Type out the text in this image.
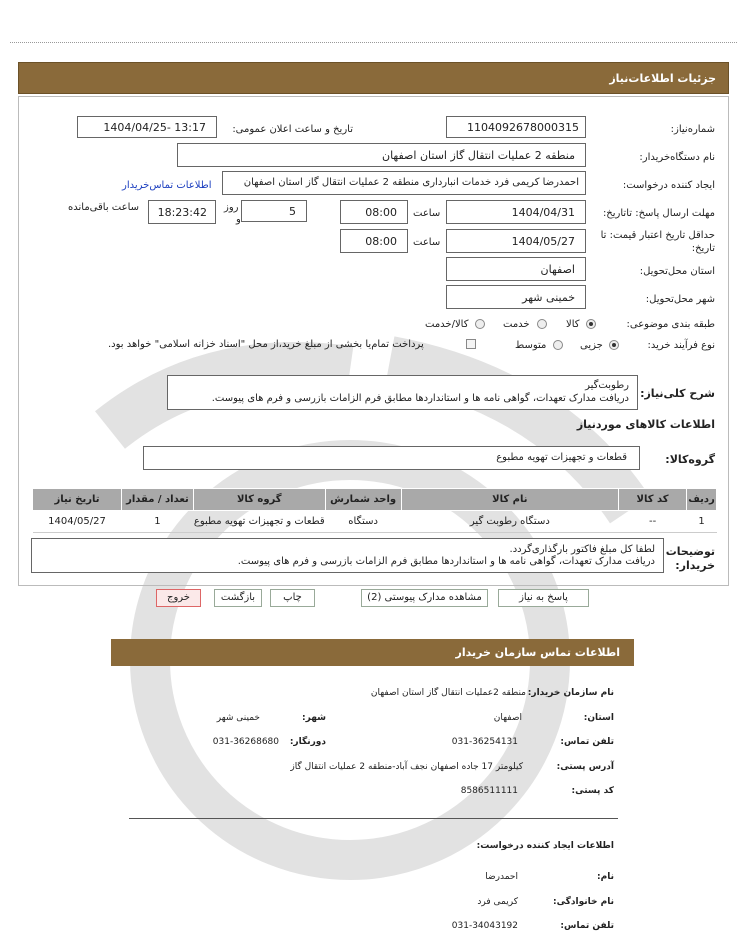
جزئیات اطلاعات‌نیاز
شماره‌نیاز:
1104092678000315
تاریخ و ساعت اعلان عمومی:
1404/04/25- 13:17
نام دستگاه‌خریدار:
منطقه 2 عملیات انتقال گاز استان اصفهان
ایجاد کننده درخواست:
احمدرضا کریمی فرد خدمات انبارداری منطقه 2 عملیات انتقال گاز استان اصفهان
اطلاعات تماس‌خریدار
مهلت ارسال پاسخ: تاتاریخ:
1404/04/31
ساعت
08:00
5
روز
و
18:23:42
ساعت باقی‌مانده
حداقل تاریخ اعتبار قیمت: تا تاریخ:
1404/05/27
ساعت
08:00
استان محل‌تحویل:
اصفهان
شهر محل‌تحویل:
خمینی شهر
طبقه بندی موضوعی:
کالا
خدمت
کالا/خدمت
نوع فرآیند خرید:
جزیی
متوسط
پرداخت تمام‌یا بخشی از مبلغ خرید،از محل "اسناد خزانه اسلامی" خواهد بود.
شرح کلی‌نیاز:
رطوبت‌گیر
دریافت مدارک تعهدات، گواهی نامه ها و استانداردها مطابق فرم الزامات بازرسی و فرم های پیوست.
اطلاعات کالاهای موردنیاز
گروه‌کالا:
قطعات و تجهیزات تهویه مطبوع
ردیف	کد کالا	نام کالا	واحد شمارش	گروه کالا	تعداد / مقدار	تاریخ نیاز
1	--	دستگاه رطوبت گیر	دستگاه	قطعات و تجهیزات تهویه مطبوع	1	1404/05/27
توضیحات
خریدار:
لطفا کل مبلغ فاکتور بارگذاری‌گردد.
دریافت مدارک تعهدات، گواهی نامه ها و استانداردها مطابق فرم الزامات بازرسی و فرم های پیوست.
پاسخ به نیاز
مشاهده مدارک پیوستی (2)
چاپ
بازگشت
خروج
اطلاعات تماس سازمان خریدار
نام سازمان خریدار:
منطقه 2عملیات انتقال گاز استان اصفهان
استان:
اصفهان
شهر:
خمینی شهر
تلفن تماس:
031-36254131
دورنگار:
031-36268680
آدرس پستی:
کیلومتر 17 جاده اصفهان نجف آباد-منطقه 2 عملیات انتقال گاز
کد پستی:
8586511111
اطلاعات ایجاد کننده درخواست:
نام:
احمدرضا
نام خانوادگی:
کریمی فرد
تلفن تماس:
031-34043192
